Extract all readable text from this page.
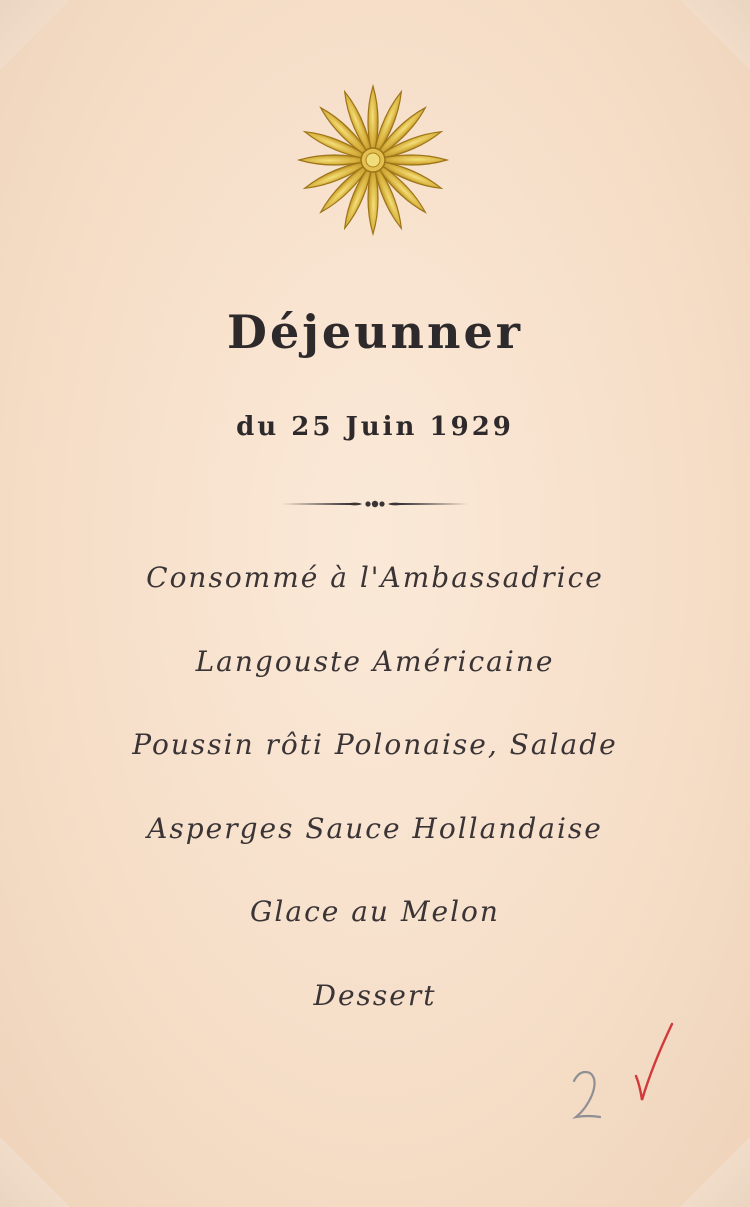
Déjeunner
du 25 Juin 1929
Consommé à l'Ambassadrice
Langouste Américaine
Poussin rôti Polonaise, Salade
Asperges Sauce Hollandaise
Glace au Melon
Dessert
